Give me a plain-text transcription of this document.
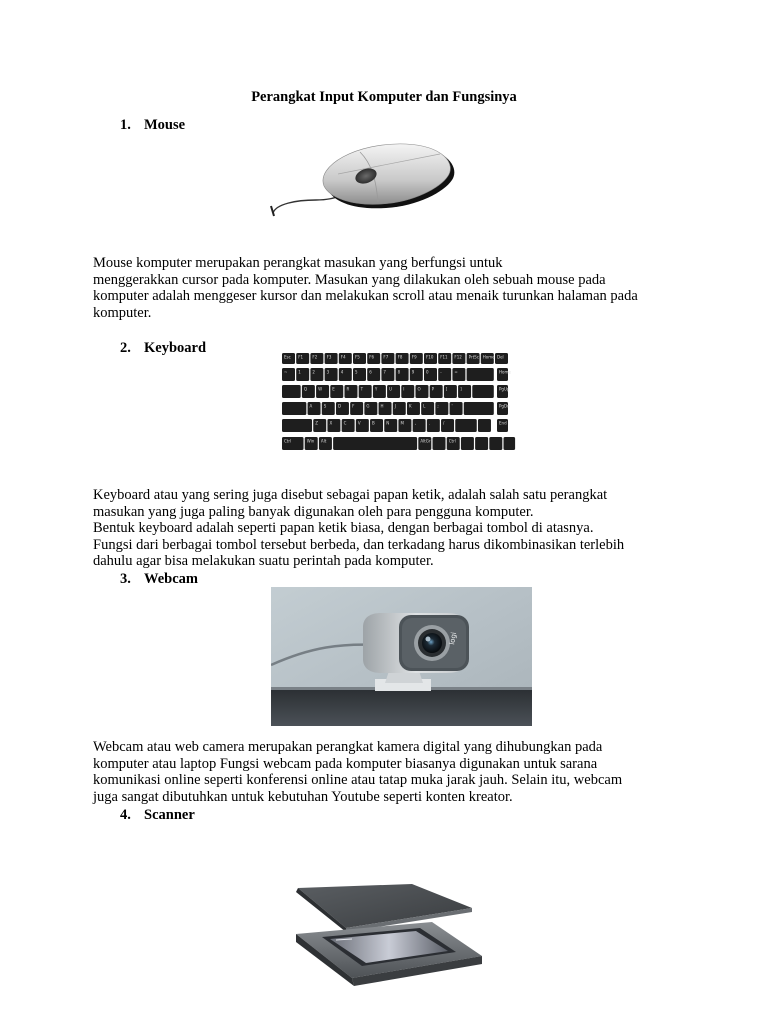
Perangkat Input Komputer dan Fungsinya
1. Mouse
Mouse komputer merupakan perangkat masukan yang berfungsi untuk
menggerakkan cursor pada komputer. Masukan yang dilakukan oleh sebuah mouse pada
komputer adalah menggeser kursor dan melakukan scroll atau menaik turunkan halaman pada
komputer.
2. Keyboard
Esc F1 F2 F3 F4 F5 F6 F7 F8 F9 F10 F11 F12 PrtSc Home Del
~	1	2	3	4	5	6	7	8	9	0	-	=	Home
Q	W	E	R	T	Y	U	I	O	P	[	]	PgUp
A	S	D	F	G	H	J	K	L	;	'	PgDn
Z	X	C	V	B	N	M	,	.	/	End
Ctrl	Win Alt	AltGr	Ctrl
Keyboard atau yang sering juga disebut sebagai papan ketik, adalah salah satu perangkat
masukan yang juga paling banyak digunakan oleh para pengguna komputer.
Bentuk keyboard adalah seperti papan ketik biasa, dengan berbagai tombol di atasnya.
Fungsi dari berbagai tombol tersebut berbeda, dan terkadang harus dikombinasikan terlebih
dahulu agar bisa melakukan suatu perintah pada komputer.
3. Webcam
logi
Webcam atau web camera merupakan perangkat kamera digital yang dihubungkan pada
komputer atau laptop Fungsi webcam pada komputer biasanya digunakan untuk sarana
komunikasi online seperti konferensi online atau tatap muka jarak jauh. Selain itu, webcam
juga sangat dibutuhkan untuk kebutuhan Youtube seperti konten kreator.
4. Scanner
